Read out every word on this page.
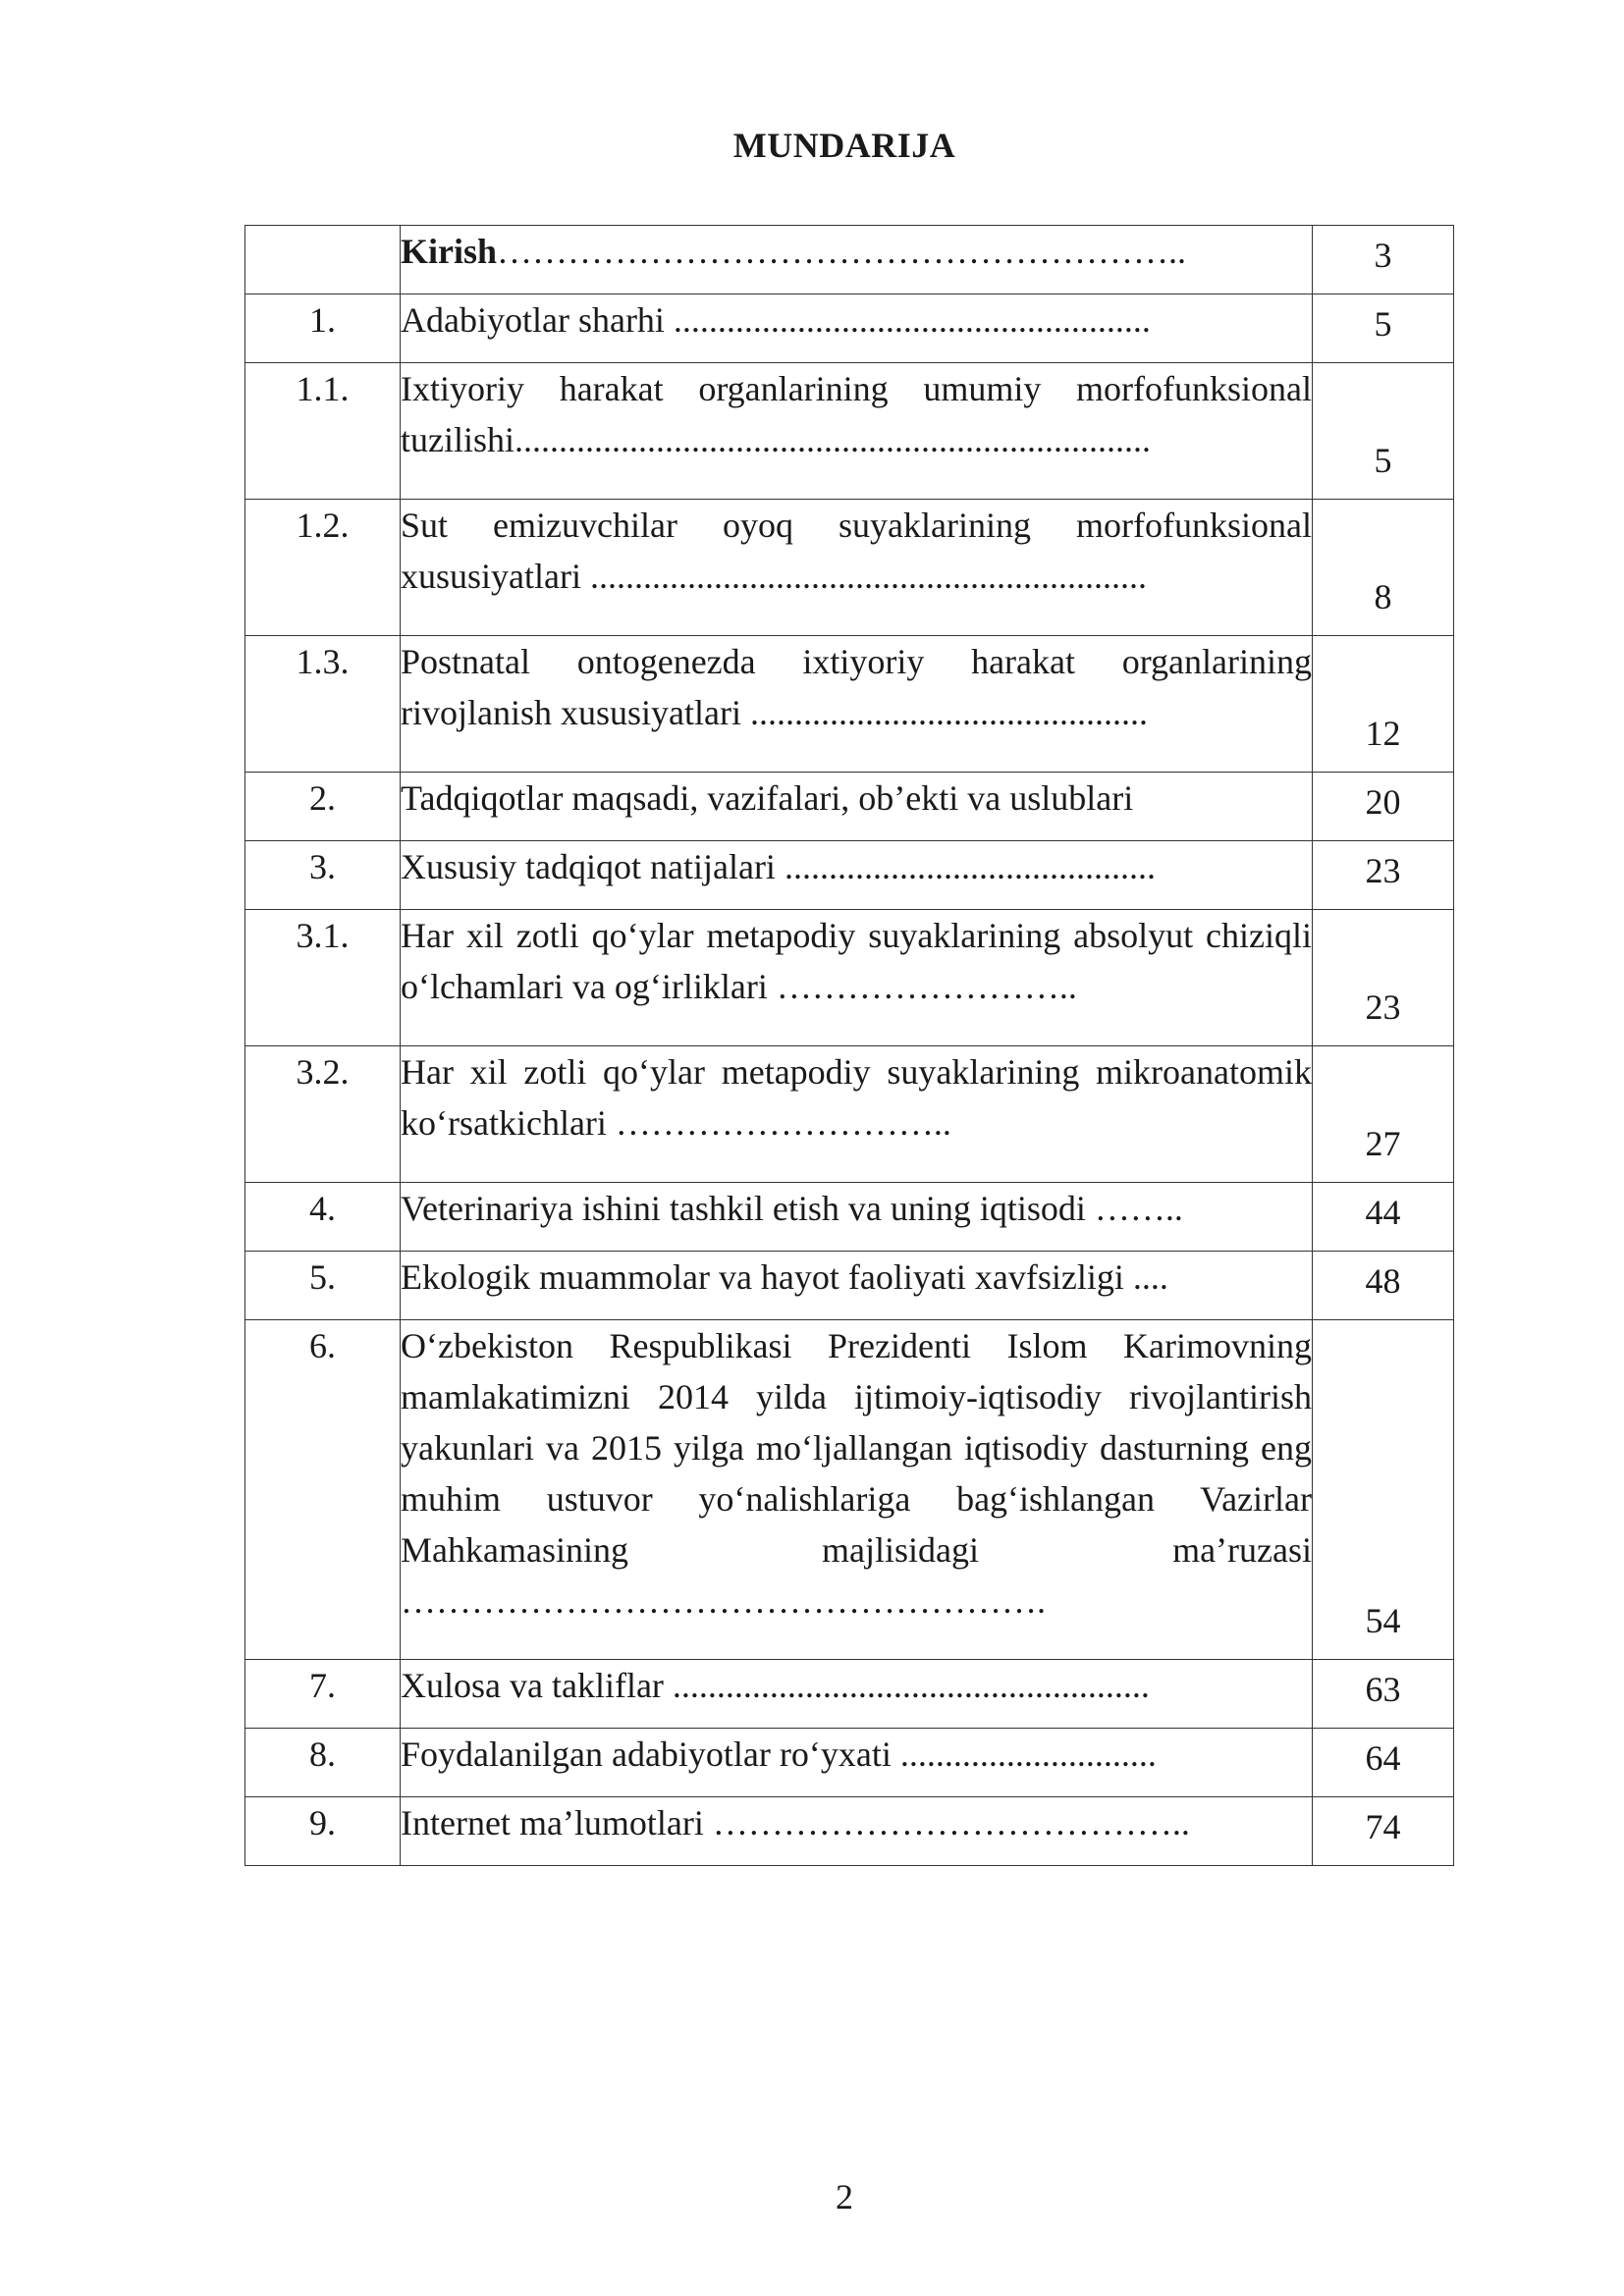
MUNDARIJA
	Kirish…………………………………………………..	3

1.	Adabiyotlar sharhi ......................................................	5

1.1.	Ixtiyoriy harakat organlarining umumiy morfofunksional tuzilishi........................................................................	5

1.2.	Sut emizuvchilar oyoq suyaklarining morfofunksional xususiyatlari ...............................................................	8

1.3.	Postnatal ontogenezda ixtiyoriy harakat organlarining rivojlanish xususiyatlari .............................................	12

2.	Tadqiqotlar maqsadi, vazifalari, ob’ekti va uslublari	20

3.	Xususiy tadqiqot natijalari ..........................................	23

3.1.	Har xil zotli qo‘ylar metapodiy suyaklarining absolyut chiziqli o‘lchamlari va og‘irliklari ……………………..	23

3.2.	Har xil zotli qo‘ylar metapodiy suyaklarining mikroanatomik ko‘rsatkichlari ………………………..	27

4.	Veterinariya ishini tashkil etish va uning iqtisodi ……..	44

5.	Ekologik muammolar va hayot faoliyati xavfsizligi ....	48

6.	O‘zbekiston Respublikasi Prezidenti Islom Karimovning mamlakatimizni 2014 yilda ijtimoiy-iqtisodiy rivojlantirish yakunlari va 2015 yilga mo‘ljallangan iqtisodiy dasturning eng muhim ustuvor yo‘nalishlariga bag‘ishlangan Vazirlar Mahkamasining majlisidagi ma’ruzasi ……………………………………………….	54

7.	Xulosa va takliflar ......................................................	63

8.	Foydalanilgan adabiyotlar ro‘yxati .............................	64

9.	Internet ma’lumotlari …………………………………..	74
2
